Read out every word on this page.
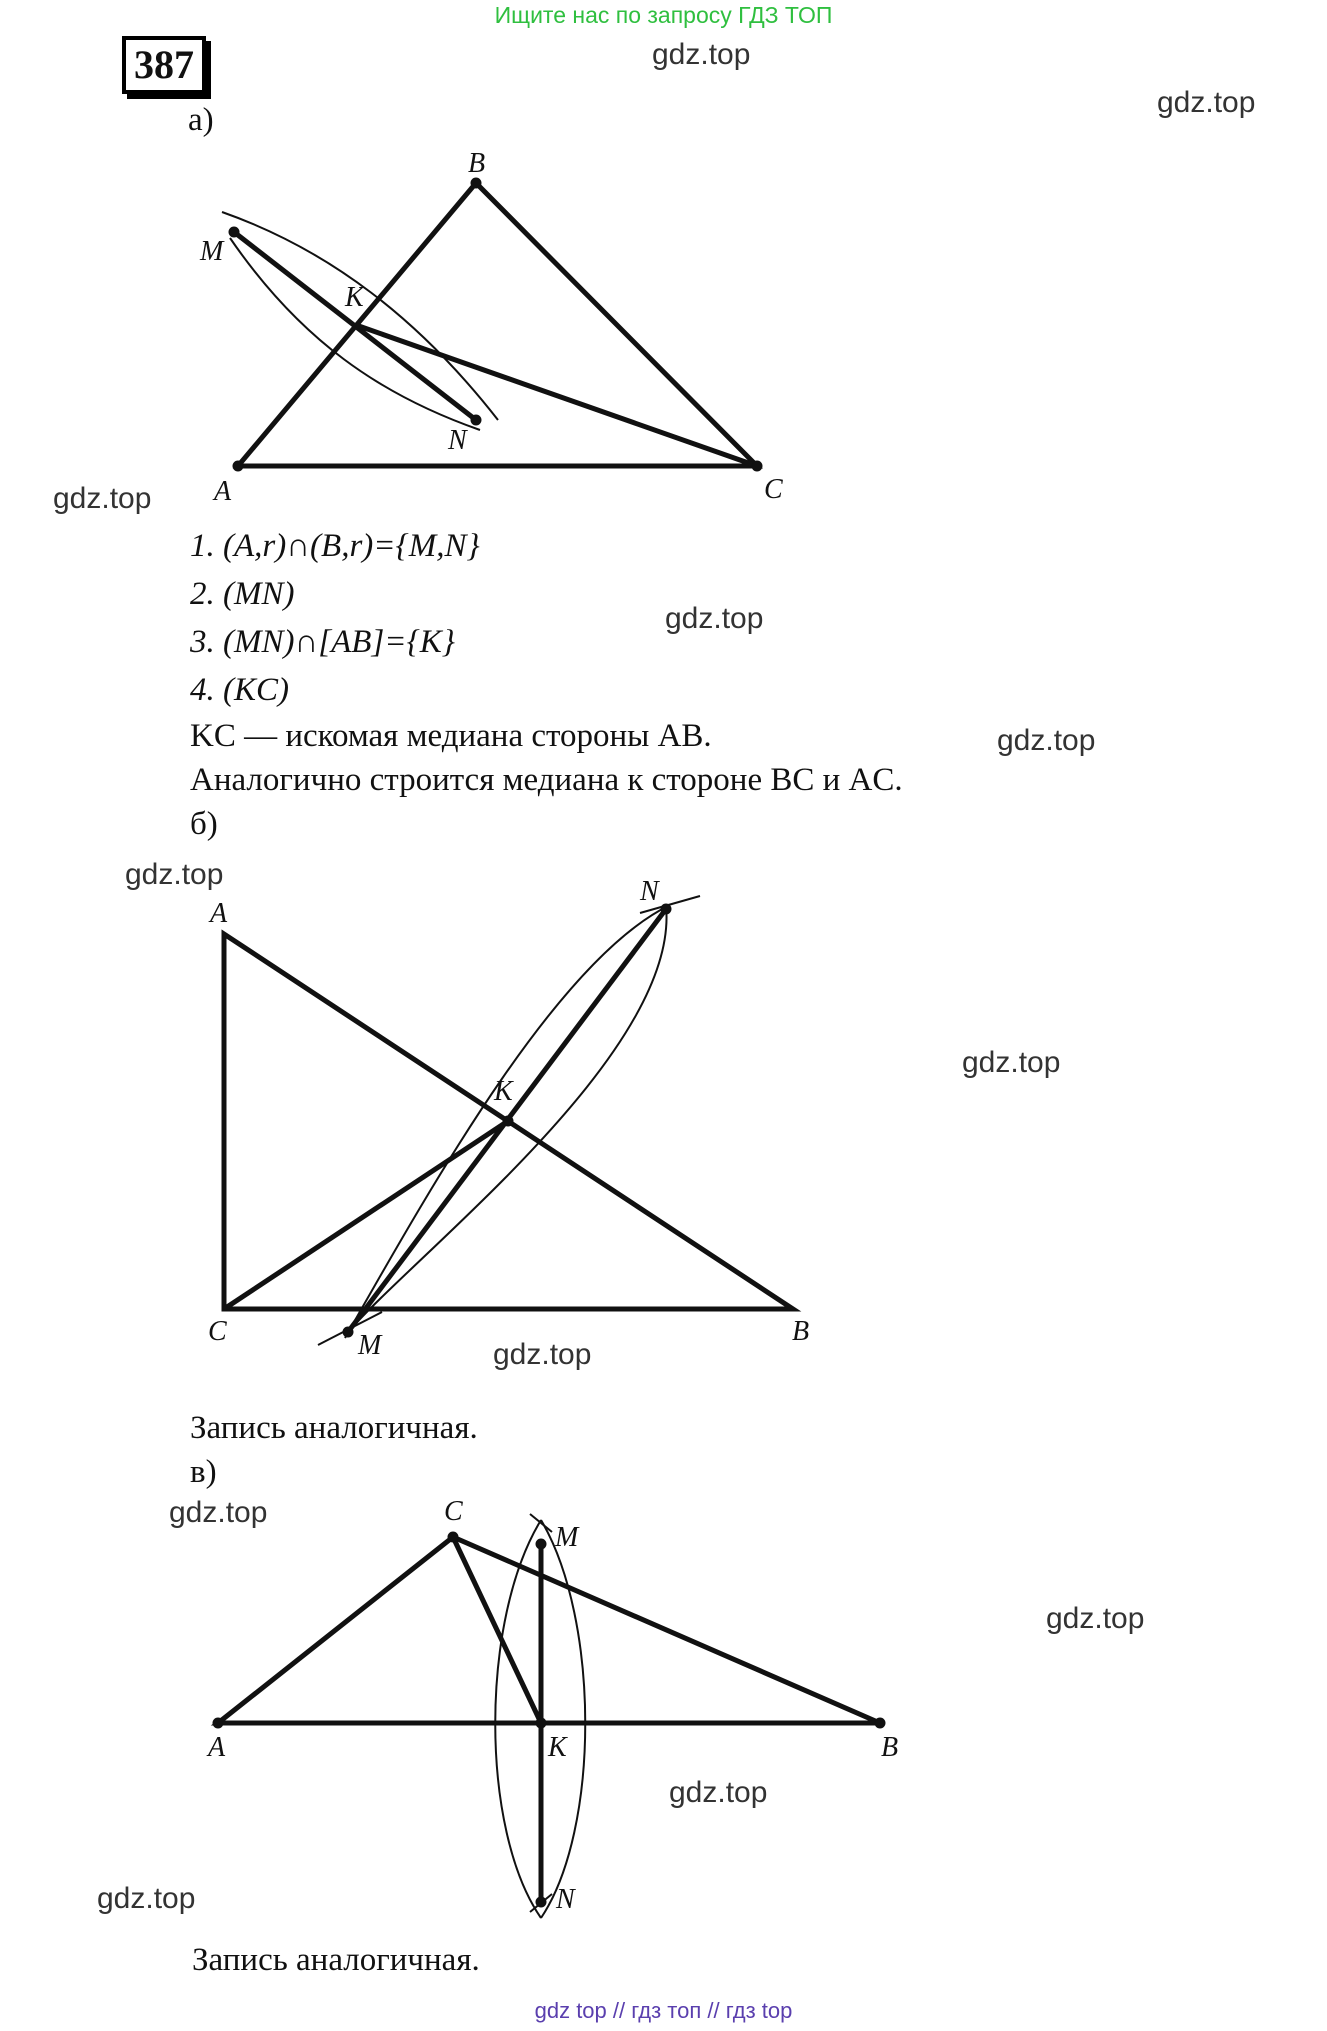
Ищите нас по запросу ГДЗ ТОП
387	gdz.top
gdz.top
gdz.top
gdz.top
gdz.top
gdz.top
gdz.top
gdz.top
gdz.top
gdz.top
gdz.top
gdz.top
а)
B
M
K
N
A	C
1. (A,r)∩(B,r)={M,N}
2. (MN)
3. (MN)∩[AB]={K}
4. (KC)
KC — искомая медиана стороны AB.
Аналогично строится медиана к стороне BC и AC.
б)
A
N
K
C	M	B
Запись аналогичная.
в)
C
M
A	K	B
N
Запись аналогичная.
gdz top // гдз топ // гдз top
